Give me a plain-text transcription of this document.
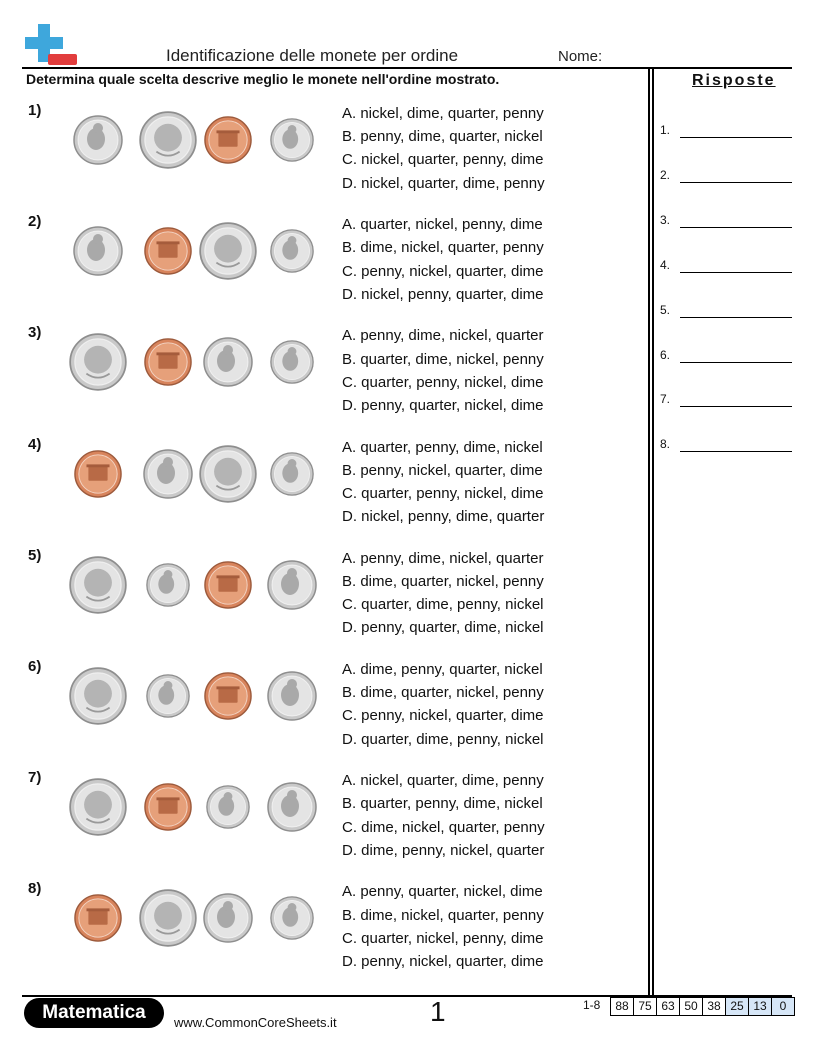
Identificazione delle monete per ordine	Nome:
Determina quale scelta descrive meglio le monete nell'ordine mostrato.	Risposte
1.
2.
3.
4.
5.
6.
7.
8.
1)	A. nickel, dime, quarter, penny
B. penny, dime, quarter, nickel
C. nickel, quarter, penny, dime
D. nickel, quarter, dime, penny
2)	A. quarter, nickel, penny, dime
B. dime, nickel, quarter, penny
C. penny, nickel, quarter, dime
D. nickel, penny, quarter, dime
3)	A. penny, dime, nickel, quarter
B. quarter, dime, nickel, penny
C. quarter, penny, nickel, dime
D. penny, quarter, nickel, dime
4)	A. quarter, penny, dime, nickel
B. penny, nickel, quarter, dime
C. quarter, penny, nickel, dime
D. nickel, penny, dime, quarter
5)	A. penny, dime, nickel, quarter
B. dime, quarter, nickel, penny
C. quarter, dime, penny, nickel
D. penny, quarter, dime, nickel
6)	A. dime, penny, quarter, nickel
B. dime, quarter, nickel, penny
C. penny, nickel, quarter, dime
D. quarter, dime, penny, nickel
7)	A. nickel, quarter, dime, penny
B. quarter, penny, dime, nickel
C. dime, nickel, quarter, penny
D. dime, penny, nickel, quarter
8)	A. penny, quarter, nickel, dime
B. dime, nickel, quarter, penny
C. quarter, nickel, penny, dime
D. penny, nickel, quarter, dime
Matematica	www.CommonCoreSheets.it	1	1-8	88 75 63 50 38 25 13	0
